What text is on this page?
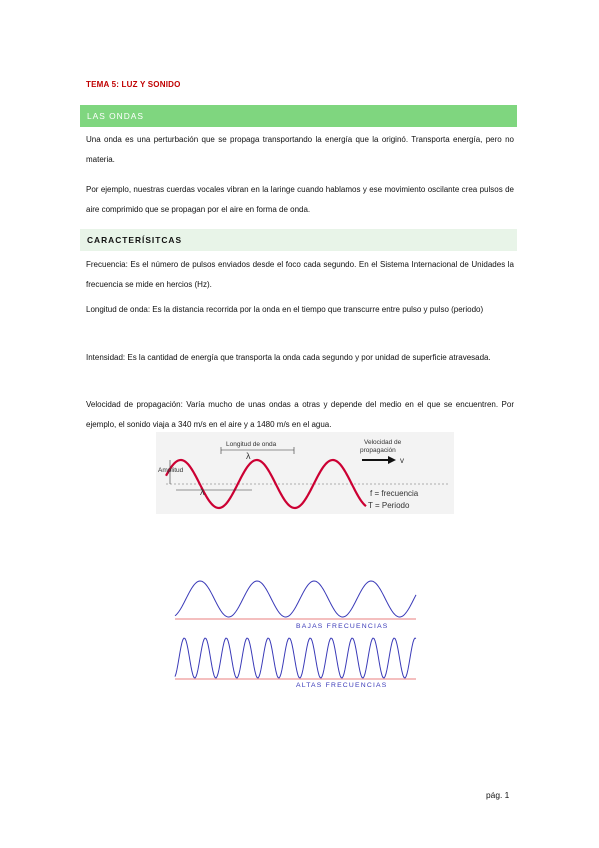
TEMA 5: LUZ Y SONIDO
LAS ONDAS
Una onda es una perturbación que se propaga transportando la energía que la originó. Transporta energía, pero no materia.
Por ejemplo, nuestras cuerdas vocales vibran en la laringe cuando hablamos y ese movimiento oscilante crea pulsos de aire comprimido que se propagan por el aire en forma de onda.
CARACTERÍSITCAS
Frecuencia: Es el número de pulsos enviados desde el foco cada segundo. En el Sistema Internacional de Unidades la frecuencia se mide en hercios (Hz).
Longitud de onda: Es la distancia recorrida por la onda en el tiempo que transcurre entre pulso y pulso (periodo)
Intensidad: Es la cantidad de energía que transporta la onda cada segundo y por unidad de superficie atravesada.
Velocidad de propagación: Varía mucho de unas ondas a otras y depende del medio en el que se encuentren. Por ejemplo, el sonido viaja a 340 m/s en el aire y a 1480 m/s en el agua.
Amplitud
Longitud de onda
λ
λ
Velocidad de
propagación
v
f = frecuencia
T = Periodo
BAJAS FRECUENCIAS
ALTAS FRECUENCIAS
pág. 1
